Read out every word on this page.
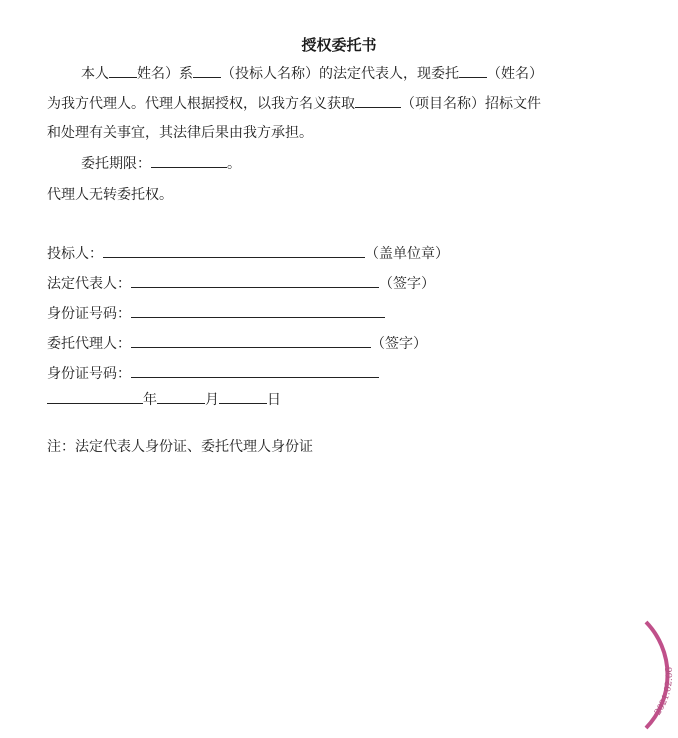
授权委托书
本人 姓名）系 （投标人名称）的法定代表人，现委托 （姓名）
为我方代理人。代理人根据授权，以我方名义获取	（项目名称）招标文件
和处理有关事宜，其法律后果由我方承担。
委托期限：	。
代理人无转委托权。
投标人：	（盖单位章）
法定代表人：	（签字）
身份证号码：
委托代理人：	（签字）
身份证号码：
年	月	日
注：法定代表人身份证、委托代理人身份证
2021.02.06
